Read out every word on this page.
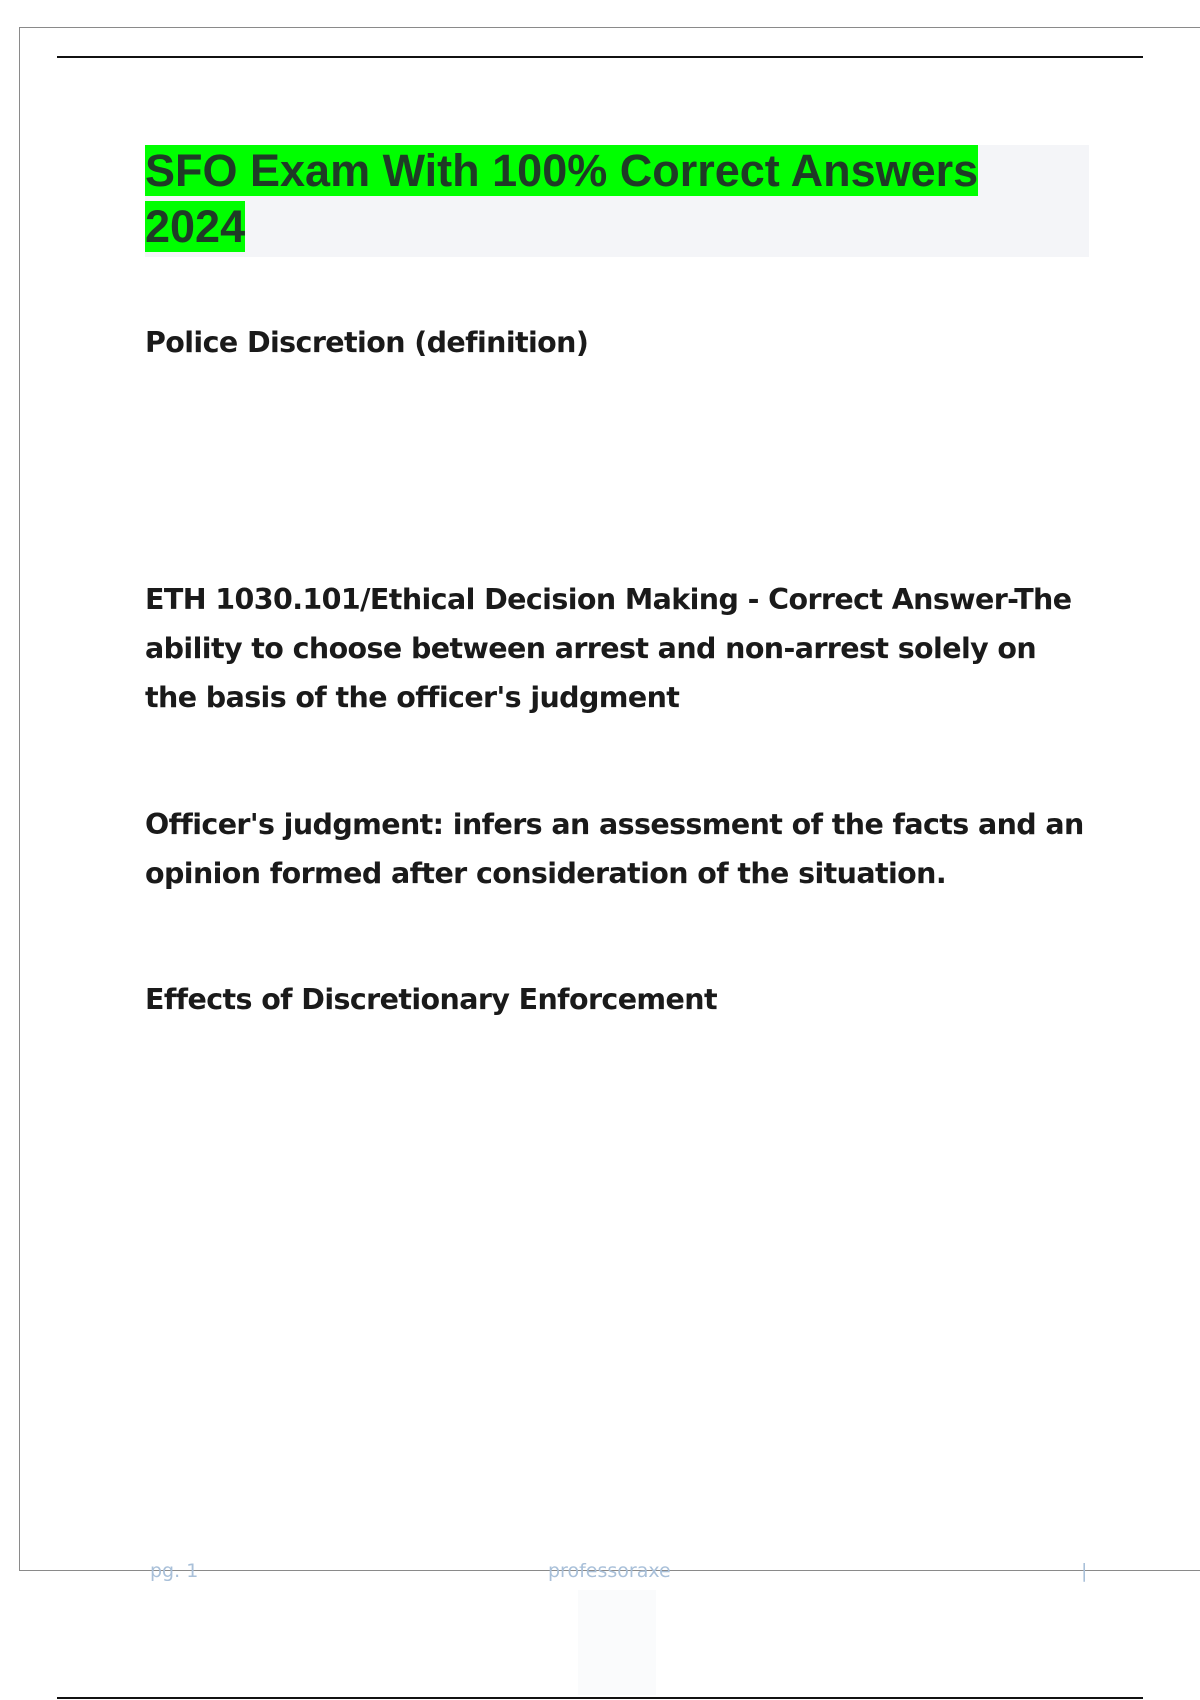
SFO Exam With 100% Correct Answers 2024

Police Discretion (definition)

ETH 1030.101/Ethical Decision Making - Correct Answer-The ability to choose between arrest and non-arrest solely on the basis of the officer's judgment

Officer's judgment: infers an assessment of the facts and an opinion formed after consideration of the situation.

Effects of Discretionary Enforcement

pg. 1	professoraxe	|
